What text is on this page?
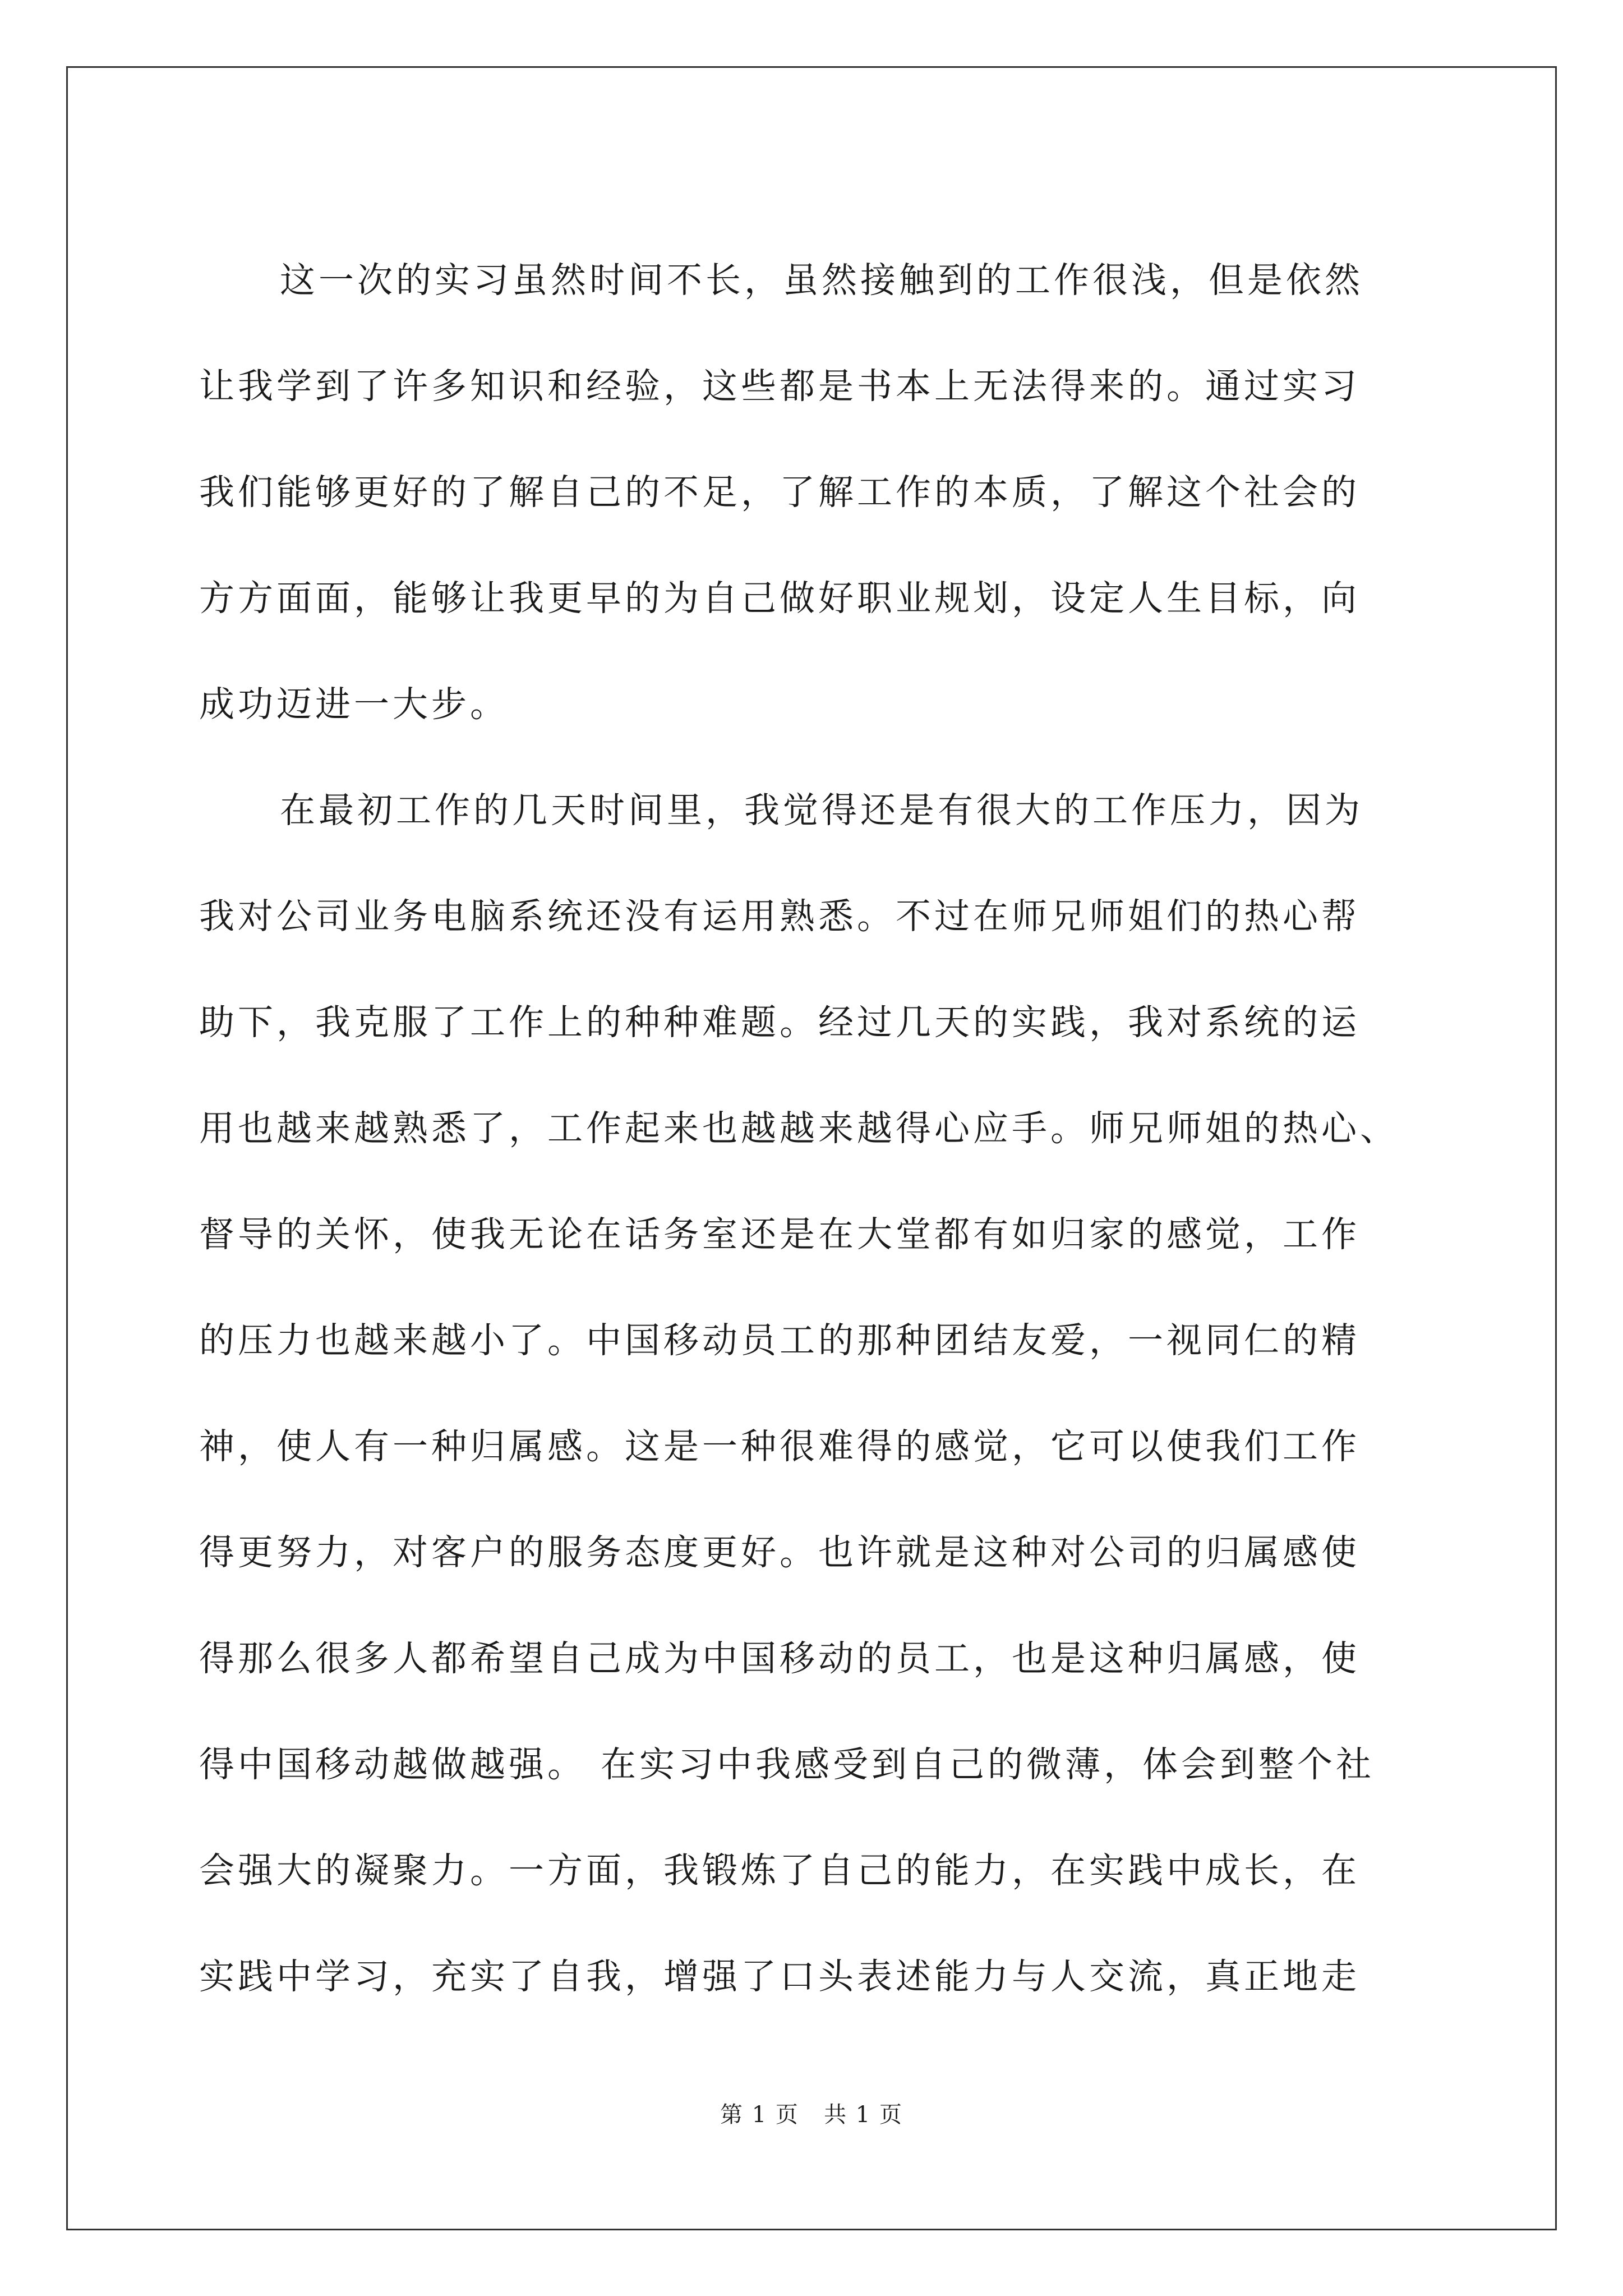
这一次的实习虽然时间不长，虽然接触到的工作很浅，但是依然
让我学到了许多知识和经验，这些都是书本上无法得来的。通过实习
我们能够更好的了解自己的不足，了解工作的本质，了解这个社会的
方方面面，能够让我更早的为自己做好职业规划，设定人生目标，向
成功迈进一大步。

在最初工作的几天时间里，我觉得还是有很大的工作压力，因为
我对公司业务电脑系统还没有运用熟悉。不过在师兄师姐们的热心帮
助下，我克服了工作上的种种难题。经过几天的实践，我对系统的运
用也越来越熟悉了，工作起来也越越来越得心应手。师兄师姐的热心、
督导的关怀，使我无论在话务室还是在大堂都有如归家的感觉，工作
的压力也越来越小了。中国移动员工的那种团结友爱，一视同仁的精
神，使人有一种归属感。这是一种很难得的感觉，它可以使我们工作
得更努力，对客户的服务态度更好。也许就是这种对公司的归属感使
得那么很多人都希望自己成为中国移动的员工，也是这种归属感，使
得中国移动越做越强。 在实习中我感受到自己的微薄，体会到整个社
会强大的凝聚力。一方面，我锻炼了自己的能力，在实践中成长，在
实践中学习，充实了自我，增强了口头表述能力与人交流，真正地走

第 1 页 共 1 页
